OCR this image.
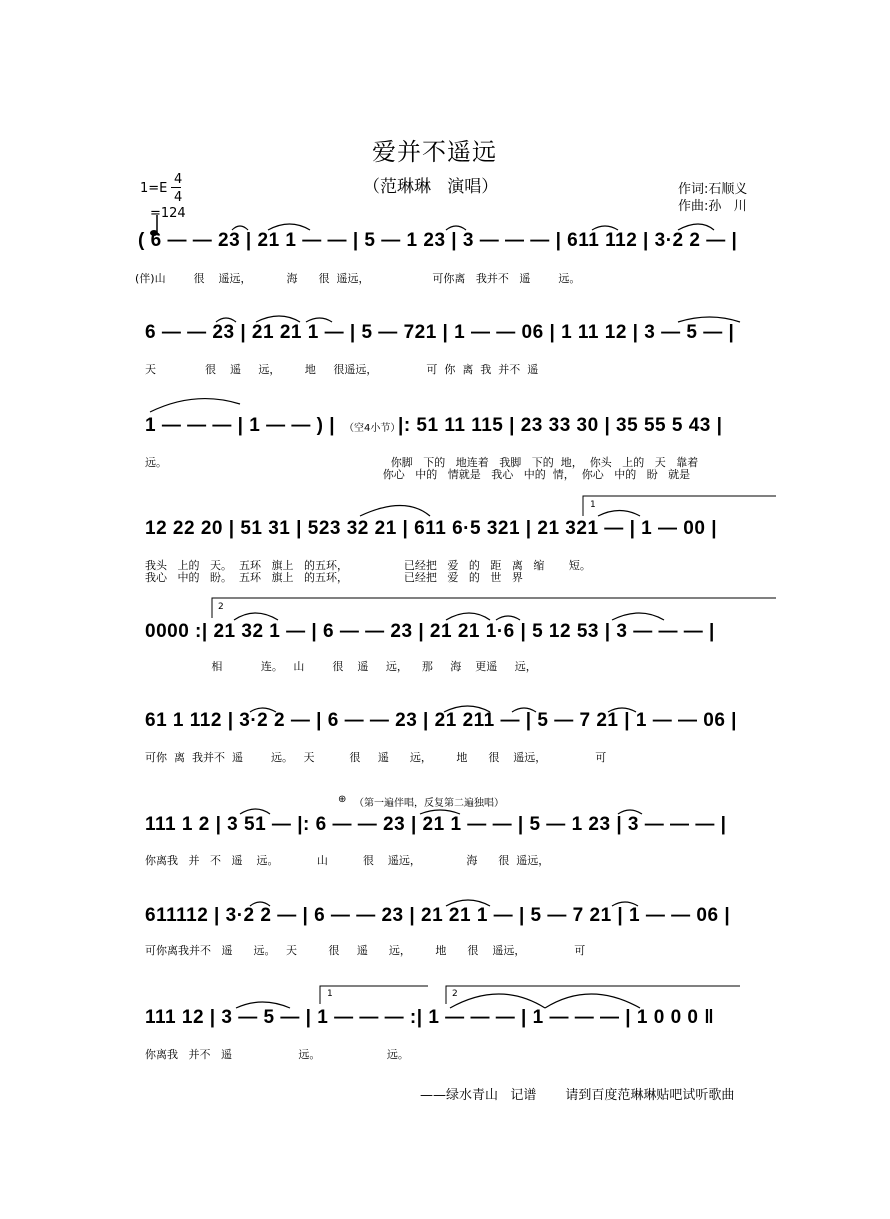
爱并不遥远
（范琳琳   演唱）
1=E
4
4

=124
作词:石顺义
作曲:孙   川
( 6 — — 23 | 21 1 — — | 5 — 1 23 | 3 — — — | 611 112 | 3·2 2 — |
(伴)山        很    遥远，          海      很  遥远，                  可你离   我并不   遥        远。
6 — — 23 | 21 21 1 — | 5 — 721 | 1 — — 06 | 1 11 12 | 3 — 5 — |
天              很    遥     远，       地     很遥远，              可  你  离  我  并不  遥
1 — — — | 1 — — ) | （空4小节）
|: 51 11 115 | 23 33 30 | 35 55 5 43 |
远。                                                                你脚   下的   地连着   我脚   下的  地，  你头   上的   天   靠着
你心   中的   情就是   我心   中的  情，  你心   中的   盼   就是
12 22 20 | 51 31 | 523 32 21 | 611 6·5 321 | 21 321 — | 1 — 00 |
我头   上的   天。  五环   旗上   的五环，                已经把   爱   的   距   离   缩       短。
我心   中的   盼。  五环   旗上   的五环，                已经把   爱   的   世   界
0000 :| 21 32 1 — | 6 — — 23 | 21 21 1·6 | 5 12 53 | 3 — — — |
相           连。   山        很    遥     远，    那     海    更遥     远，
61 1 112 | 3·2 2 — | 6 — — 23 | 21 211 — | 5 — 7 21 | 1 — — 06 |
可你  离  我并不  遥        远。   天          很     遥      远，       地      很    遥远，              可
⊕ （第一遍伴唱，反复第二遍独唱）
111 1 2 | 3 51 — |: 6 — — 23 | 21 1 — — | 5 — 1 23 | 3 — — — |
你离我   并   不   遥    远。           山          很    遥远，             海      很  遥远，
611112 | 3·2 2 — | 6 — — 23 | 21 21 1 — | 5 — 7 21 | 1 — — 06 |
可你离我并不   遥      远。   天         很     遥      远，       地      很    遥远，              可
111 12 | 3 — 5 — | 1 — — — :| 1 — — — | 1 — — — | 1 0 0 0 ‖
你离我   并不   遥                   远。                   远。
——绿水青山   记谱       请到百度范琳琳贴吧试听歌曲
1
2
1	2
